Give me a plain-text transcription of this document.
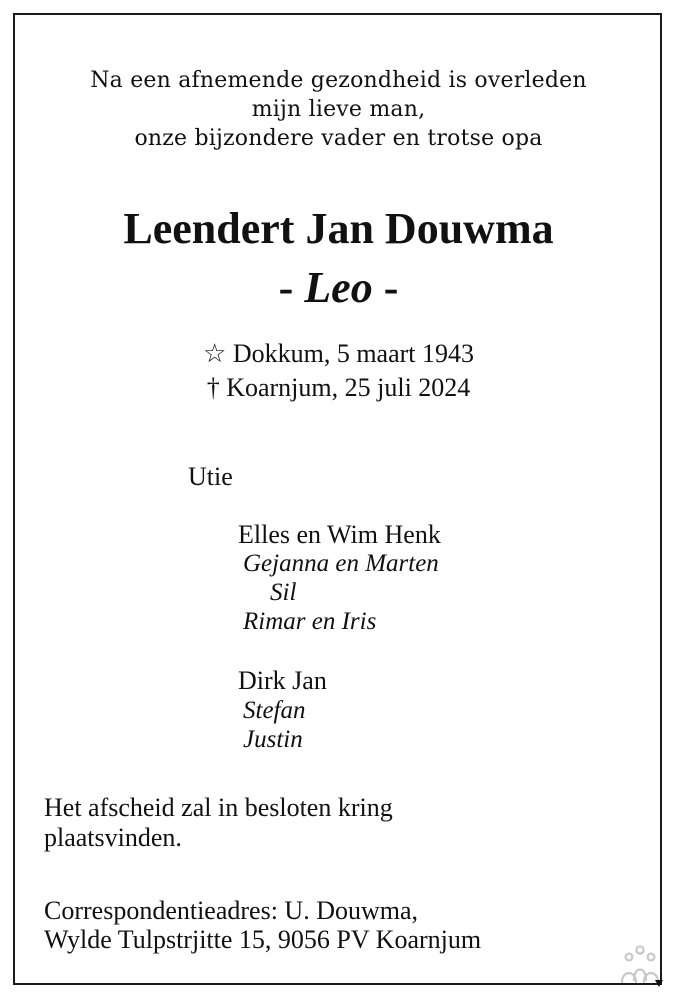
Na een afnemende gezondheid is overleden
mijn lieve man,
onze bijzondere vader en trotse opa
Leendert Jan Douwma
- Leo -
☆ Dokkum, 5 maart 1943
† Koarnjum, 25 juli 2024
Utie
Elles en Wim Henk
Gejanna en Marten
Sil
Rimar en Iris
Dirk Jan
Stefan
Justin
Het afscheid zal in besloten kring
plaatsvinden.
Correspondentieadres: U. Douwma,
Wylde Tulpstrjitte 15, 9056 PV Koarnjum
